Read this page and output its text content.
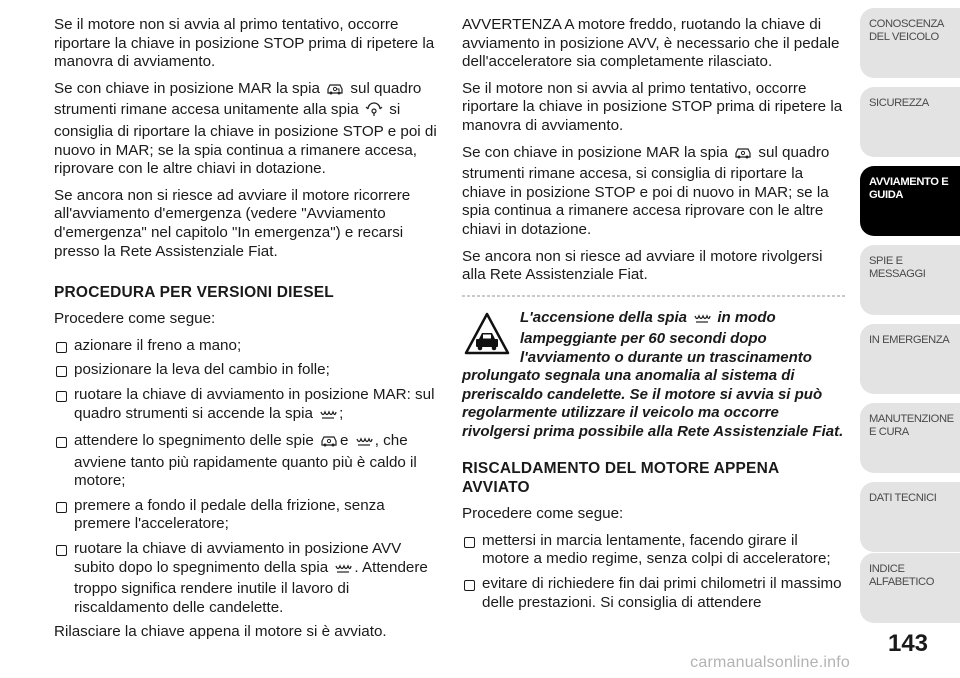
Se il motore non si avvia al primo tentativo, occorre riportare la chiave in posizione STOP prima di ripetere la manovra di avviamento.

Se con chiave in posizione MAR la spia sul quadro strumenti rimane accesa unitamente alla spia si consiglia di riportare la chiave in posizione STOP e poi di nuovo in MAR; se la spia continua a rimanere accesa, riprovare con le altre chiavi in dotazione.

Se ancora non si riesce ad avviare il motore ricorrere all'avviamento d'emergenza (vedere "Avviamento d'emergenza" nel capitolo "In emergenza") e recarsi presso la Rete Assistenziale Fiat.

PROCEDURA PER VERSIONI DIESEL

Procedere come segue:

azionare il freno a mano;
posizionare la leva del cambio in folle;
ruotare la chiave di avviamento in posizione MAR: sul quadro strumenti si accende la spia ;
attendere lo spegnimento delle spie e , che avviene tanto più rapidamente quanto più è caldo il motore;
premere a fondo il pedale della frizione, senza premere l'acceleratore;
ruotare la chiave di avviamento in posizione AVV subito dopo lo spegnimento della spia . Attendere troppo significa rendere inutile il lavoro di riscaldamento delle candelette.

Rilasciare la chiave appena il motore si è avviato.

AVVERTENZA A motore freddo, ruotando la chiave di avviamento in posizione AVV, è necessario che il pedale dell'acceleratore sia completamente rilasciato.

Se il motore non si avvia al primo tentativo, occorre riportare la chiave in posizione STOP prima di ripetere la manovra di avviamento.

Se con chiave in posizione MAR la spia sul quadro strumenti rimane accesa, si consiglia di riportare la chiave in posizione STOP e poi di nuovo in MAR; se la spia continua a rimanere accesa riprovare con le altre chiavi in dotazione.

Se ancora non si riesce ad avviare il motore rivolgersi alla Rete Assistenziale Fiat.

L'accensione della spia in modo lampeggiante per 60 secondi dopo l'avviamento o durante un trascinamento prolungato segnala una anomalia al sistema di preriscaldo candelette. Se il motore si avvia si può regolarmente utilizzare il veicolo ma occorre rivolgersi prima possibile alla Rete Assistenziale Fiat.

RISCALDAMENTO DEL MOTORE APPENA AVVIATO

Procedere come segue:

mettersi in marcia lentamente, facendo girare il motore a medio regime, senza colpi di acceleratore;
evitare di richiedere fin dai primi chilometri il massimo delle prestazioni. Si consiglia di attendere
CONOSCENZA DEL VEICOLO
SICUREZZA
AVVIAMENTO E GUIDA
SPIE E MESSAGGI
IN EMERGENZA
MANUTENZIONE E CURA
DATI TECNICI
INDICE ALFABETICO
143
carmanualsonline.info
